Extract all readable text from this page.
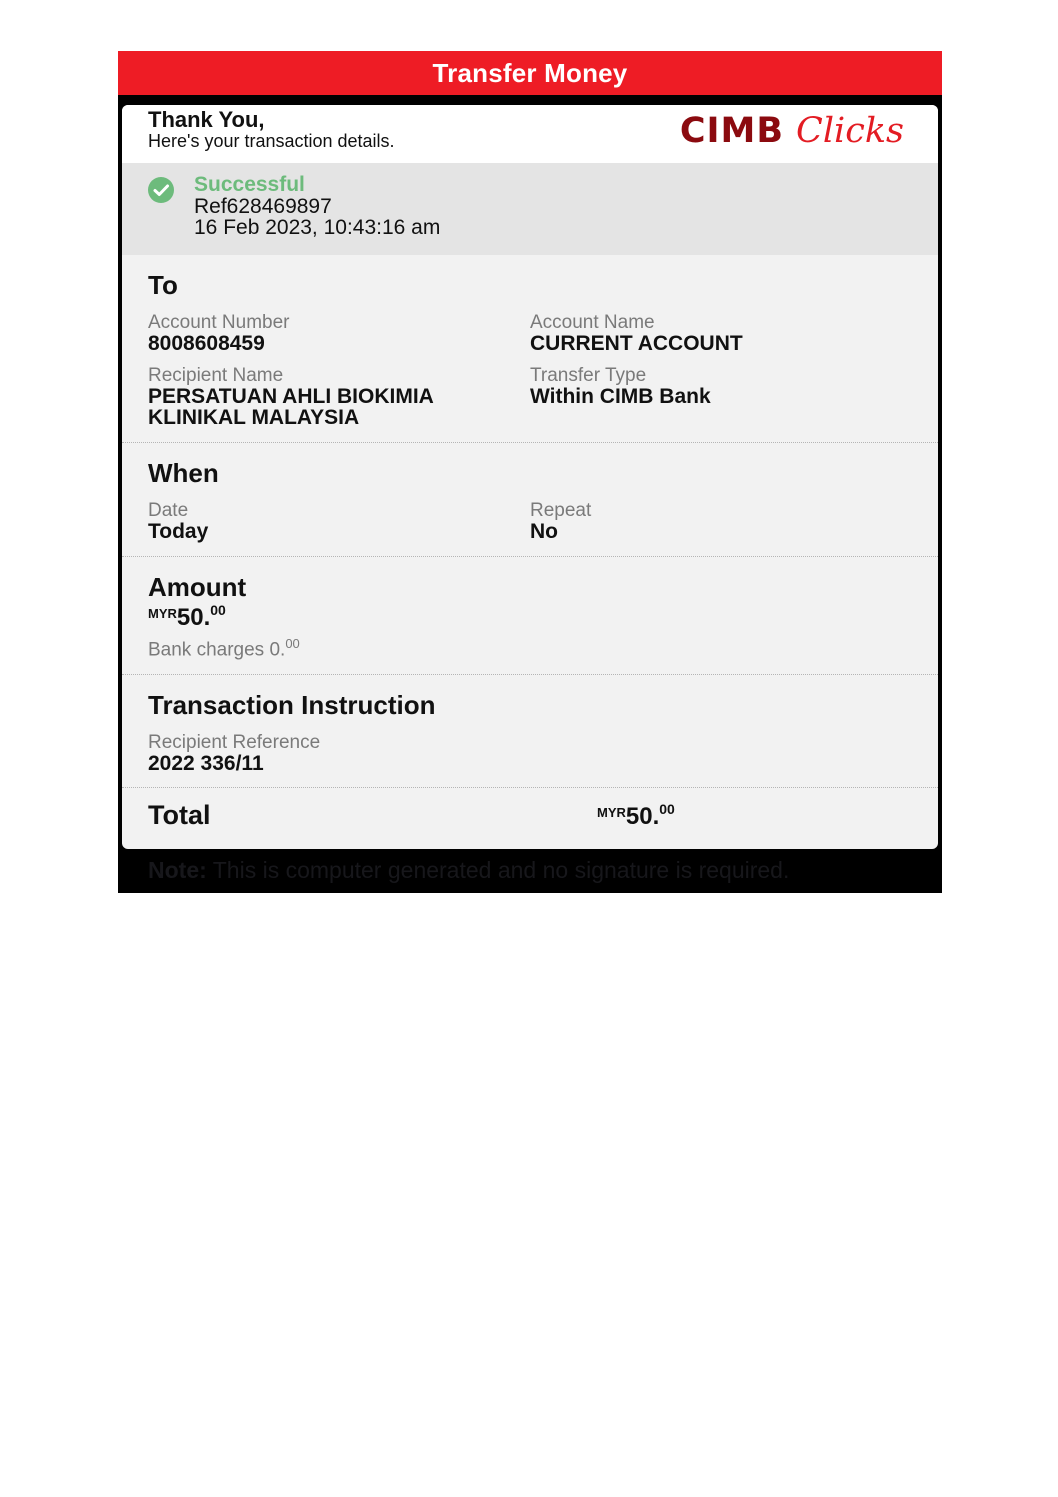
Transfer Money
Thank You,
Here's your transaction details.	CIMB Clicks
Successful
Ref628469897
16 Feb 2023, 10:43:16 am
To
Account Number
8008608459
Account Name
CURRENT ACCOUNT
Recipient Name
PERSATUAN AHLI BIOKIMIA
KLINIKAL MALAYSIA
Transfer Type
Within CIMB Bank
When
Date
Today
Repeat
No
Amount
$^{MYR}$50.00
Bank charges 0.00
Transaction Instruction
Recipient Reference
2022 336/11
Total	$^{MYR}$50.00
Note: This is computer generated and no signature is required.
